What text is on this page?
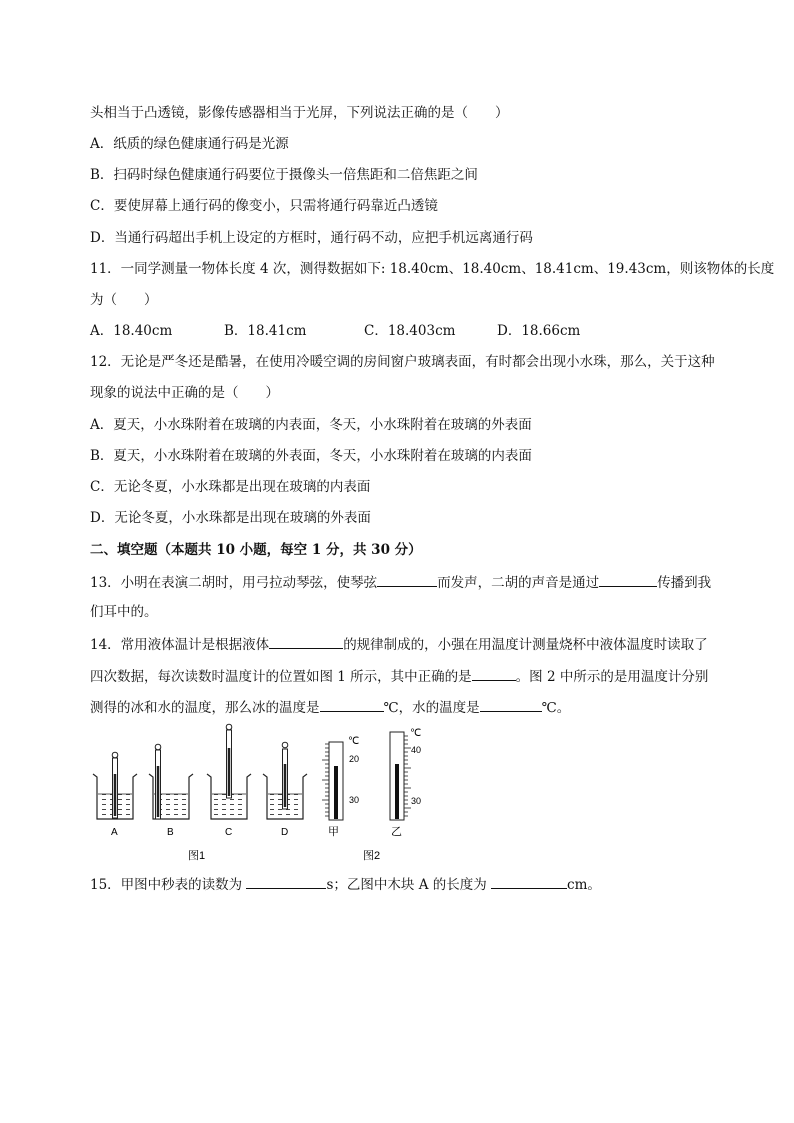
头相当于凸透镜，影像传感器相当于光屏，下列说法正确的是（　　）
A．纸质的绿色健康通行码是光源
B．扫码时绿色健康通行码要位于摄像头一倍焦距和二倍焦距之间
C．要使屏幕上通行码的像变小，只需将通行码靠近凸透镜
D．当通行码超出手机上设定的方框时，通行码不动，应把手机远离通行码
11．一同学测量一物体长度 4 次，测得数据如下: 18.40cm、18.40cm、18.41cm、19.43cm，则该物体的长度
为（　　）
A．18.40cm	B．18.41cm	C．18.403cm	D．18.66cm
12．无论是严冬还是酷暑，在使用冷暖空调的房间窗户玻璃表面，有时都会出现小水珠，那么，关于这种
现象的说法中正确的是（　　）
A．夏天，小水珠附着在玻璃的内表面，冬天，小水珠附着在玻璃的外表面
B．夏天，小水珠附着在玻璃的外表面，冬天，小水珠附着在玻璃的内表面
C．无论冬夏，小水珠都是出现在玻璃的内表面
D．无论冬夏，小水珠都是出现在玻璃的外表面
二、填空题（本题共 10 小题，每空 1 分，共 30 分）
13．小明在表演二胡时，用弓拉动琴弦，使琴弦	而发声，二胡的声音是通过	传播到我
们耳中的。
14．常用液体温计是根据液体	的规律制成的，小强在用温度计测量烧杯中液体温度时读取了
四次数据，每次读数时温度计的位置如图 1 所示，其中正确的是	。图 2 中所示的是用温度计分别
测得的冰和水的温度，那么冰的温度是	℃，水的温度是	℃。
℃
20
30
℃
40
30
A	B	C	D	甲	乙
图1	图2
15．甲图中秒表的读数为	s；乙图中木块 A 的长度为	cm。
